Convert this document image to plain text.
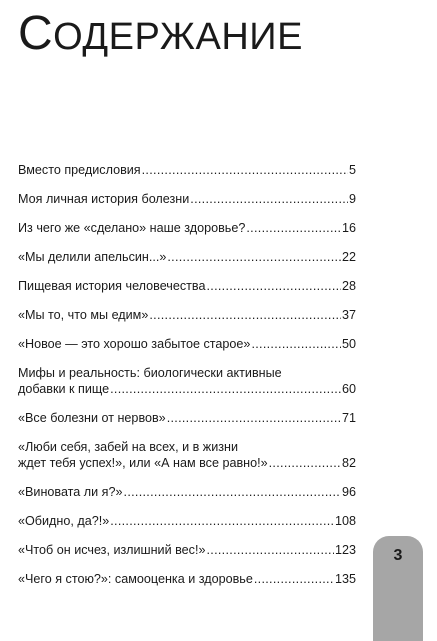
СОДЕРЖАНИЕ
Вместо предисловия .....	5
Моя личная история болезни .....	9
Из чего же «сделано» наше здоровье? .....	16
«Мы делили апельсин...» .....	22
Пищевая история человечества .....	28
«Мы то, что мы едим» .....	37
«Новое — это хорошо забытое старое» .....	50
Мифы и реальность: биологически активные
добавки к пище .....	60
«Все болезни от нервов» .....	71
«Люби себя, забей на всех, и в жизни
ждет тебя успех!», или «А нам все равно!» .....	82
«Виновата ли я?» .....	96
«Обидно, да?!» .....	108
«Чтоб он исчез, излишний вес!» .....	123
«Чего я стою?»: самооценка и здоровье .....	135
3
